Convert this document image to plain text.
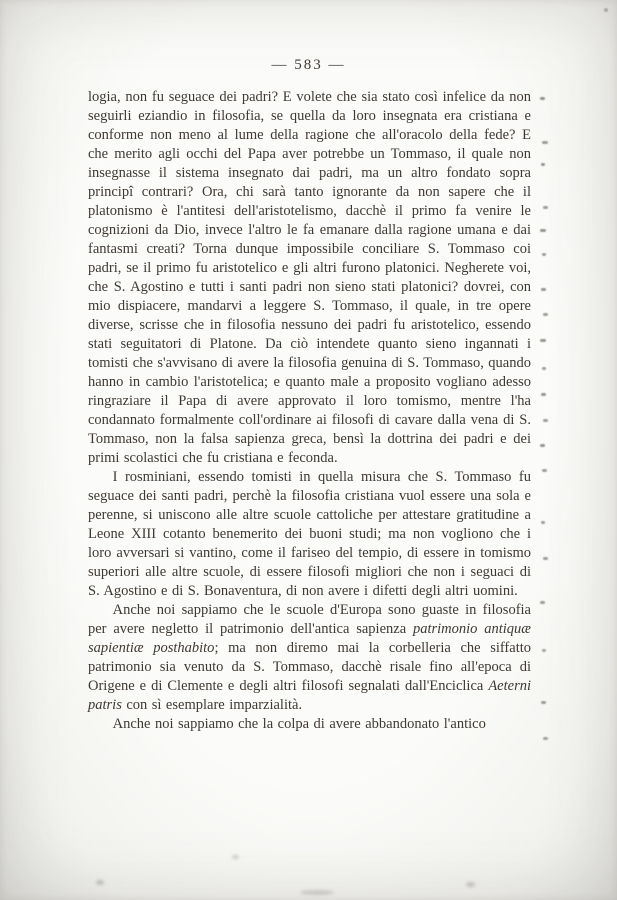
— 583 —

logia, non fu seguace dei padri? E volete che sia stato così infelice da non seguirli eziandio in filosofia, se quella da loro insegnata era cristiana e conforme non meno al lume della ragione che all'oracolo della fede? E che merito agli occhi del Papa aver potrebbe un Tommaso, il quale non insegnasse il sistema insegnato dai padri, ma un altro fondato sopra principî contrari? Ora, chi sarà tanto ignorante da non sapere che il platonismo è l'antitesi dell'aristotelismo, dacchè il primo fa venire le cognizioni da Dio, invece l'altro le fa emanare dalla ragione umana e dai fantasmi creati? Torna dunque impossibile conciliare S. Tommaso coi padri, se il primo fu aristotelico e gli altri furono platonici. Negherete voi, che S. Agostino e tutti i santi padri non sieno stati platonici? dovrei, con mio dispiacere, mandarvi a leggere S. Tommaso, il quale, in tre opere diverse, scrisse che in filosofia nessuno dei padri fu aristotelico, essendo stati seguitatori di Platone. Da ciò intendete quanto sieno ingannati i tomisti che s'avvisano di avere la filosofia genuina di S. Tommaso, quando hanno in cambio l'aristotelica; e quanto male a proposito vogliano adesso ringraziare il Papa di avere approvato il loro tomismo, mentre l'ha condannato formalmente coll'ordinare ai filosofi di cavare dalla vena di S. Tommaso, non la falsa sapienza greca, bensì la dottrina dei padri e dei primi scolastici che fu cristiana e feconda.

I rosminiani, essendo tomisti in quella misura che S. Tommaso fu seguace dei santi padri, perchè la filosofia cristiana vuol essere una sola e perenne, si uniscono alle altre scuole cattoliche per attestare gratitudine a Leone XIII cotanto benemerito dei buoni studi; ma non vogliono che i loro avversari si vantino, come il fariseo del tempio, di essere in tomismo superiori alle altre scuole, di essere filosofi migliori che non i seguaci di S. Agostino e di S. Bonaventura, di non avere i difetti degli altri uomini.

Anche noi sappiamo che le scuole d'Europa sono guaste in filosofia per avere negletto il patrimonio dell'antica sapienza patrimonio antiquæ sapientiæ posthabito; ma non diremo mai la corbelleria che siffatto patrimonio sia venuto da S. Tommaso, dacchè risale fino all'epoca di Origene e di Clemente e degli altri filosofi segnalati dall'Enciclica Aeterni patris con sì esemplare imparzialità.

Anche noi sappiamo che la colpa di avere abbandonato l'antico
